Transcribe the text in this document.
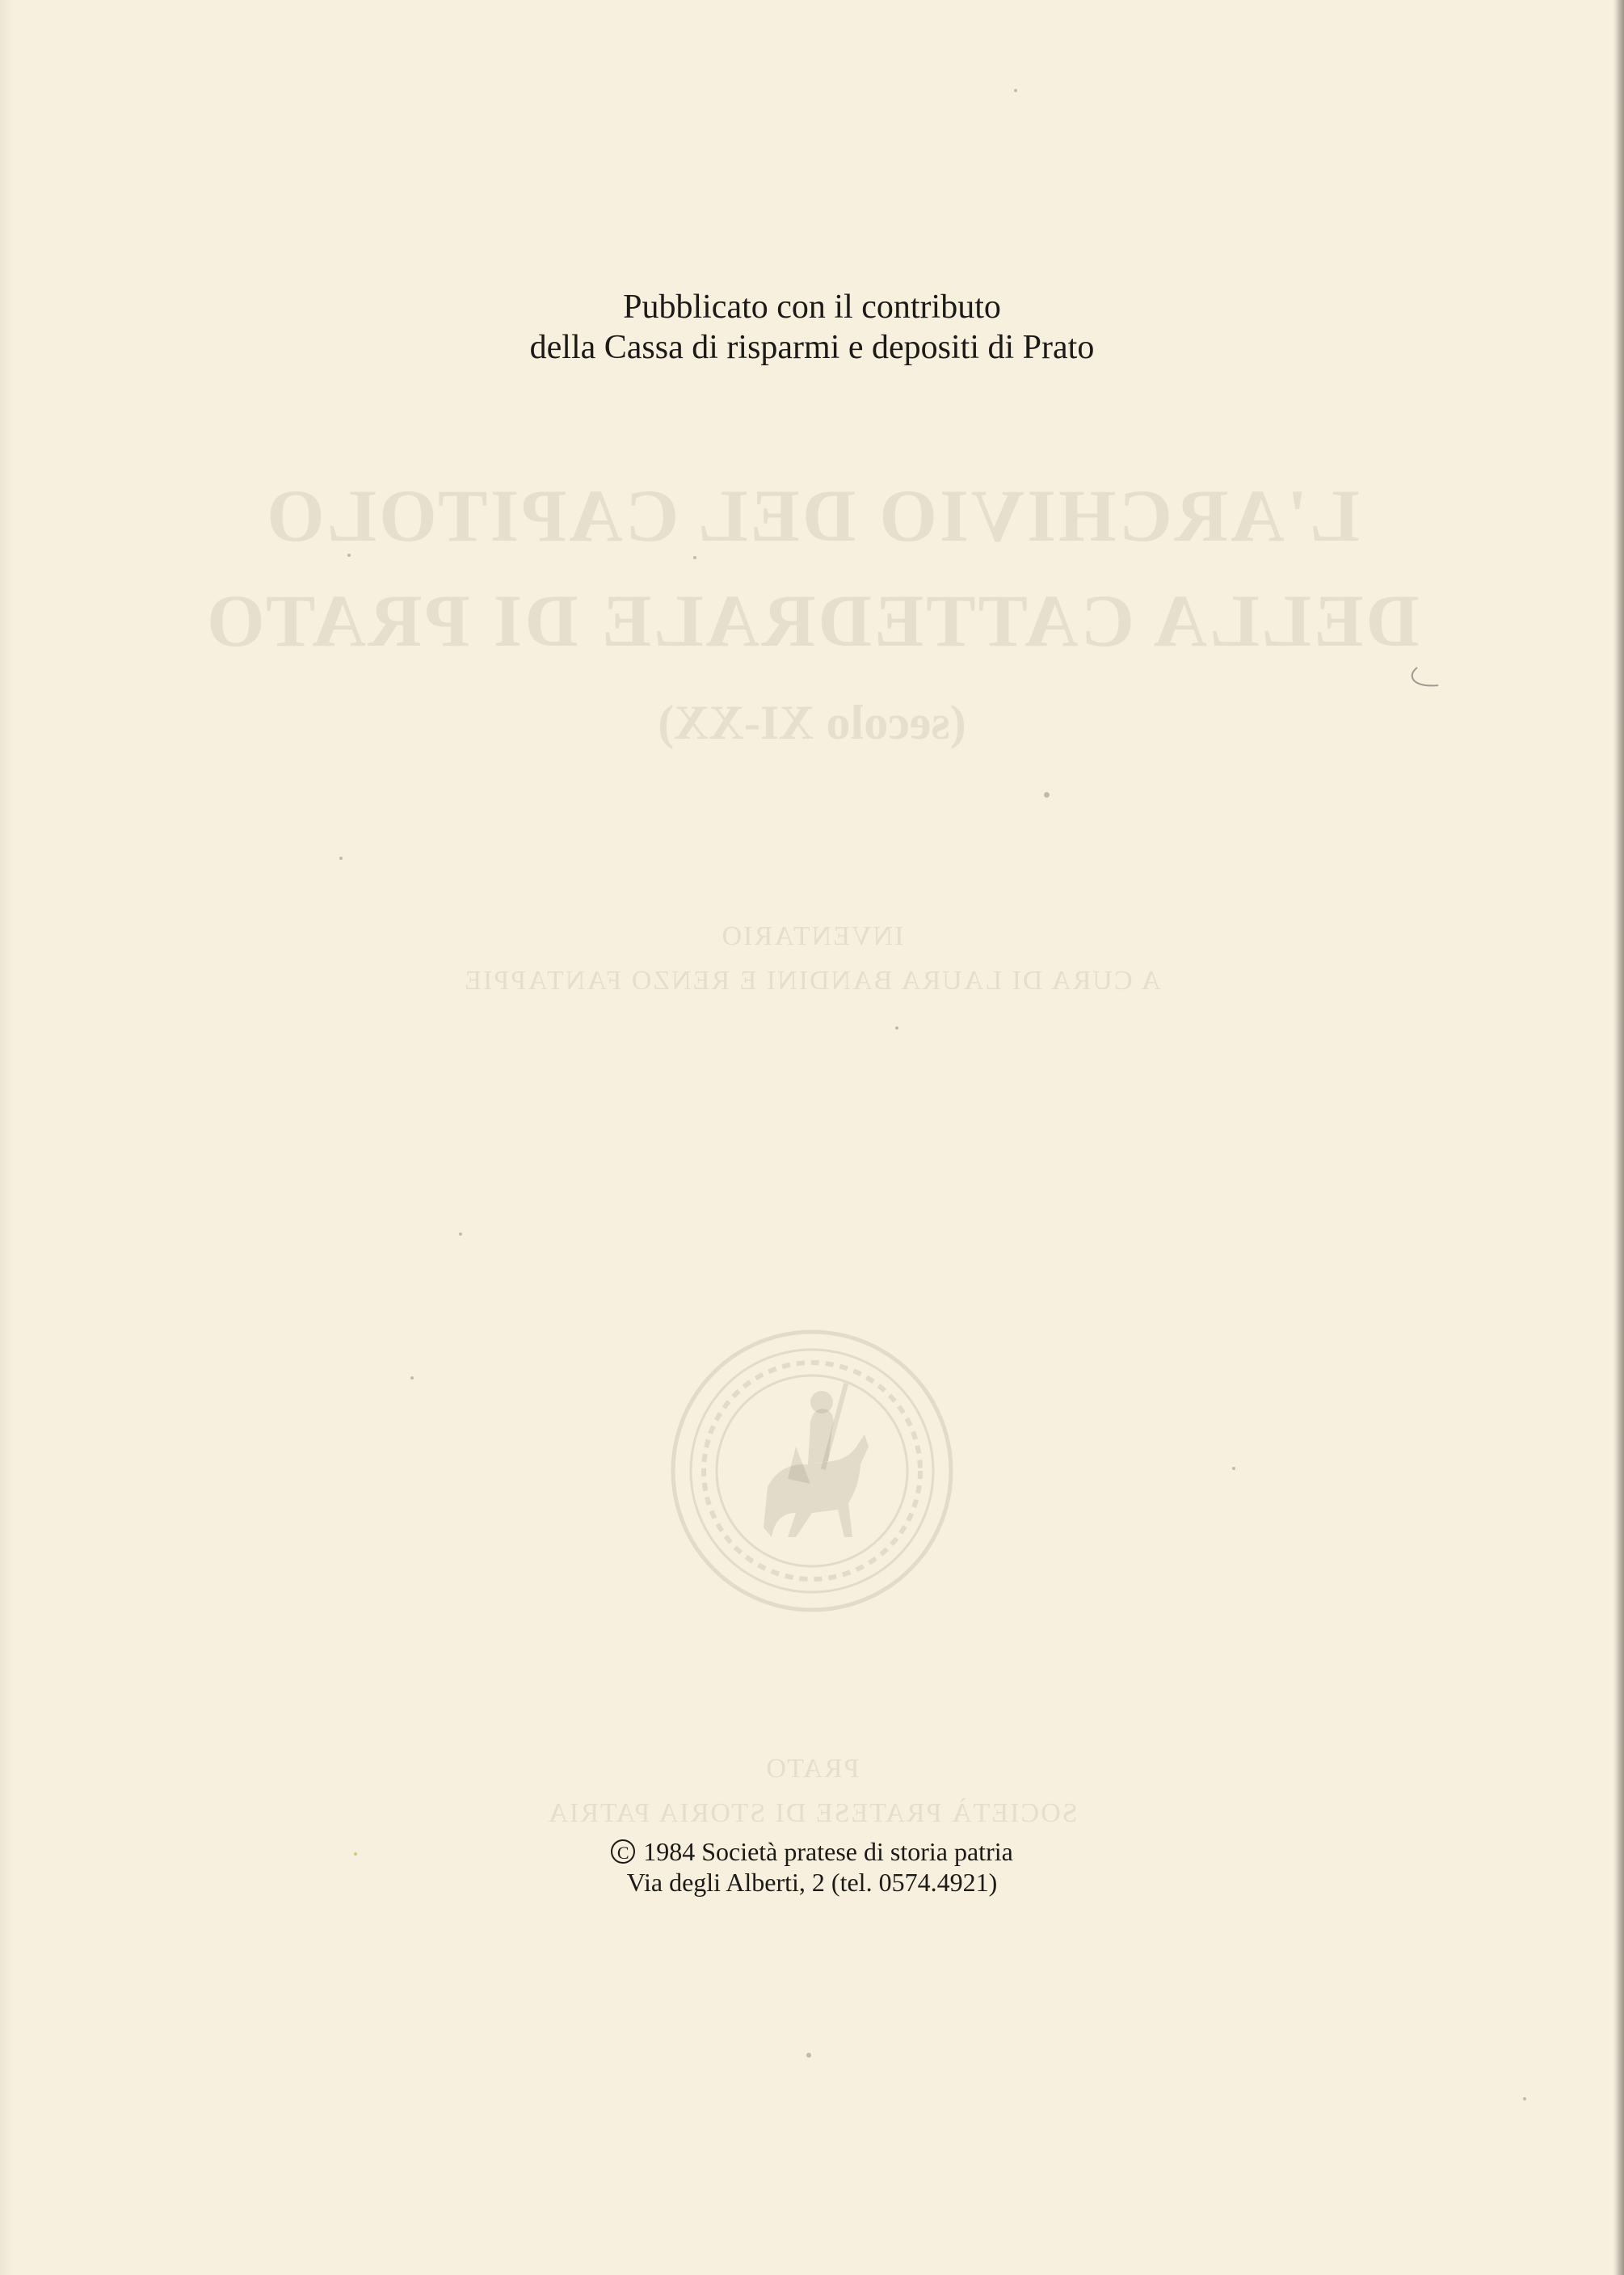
L'ARCHIVIO DEL CAPITOLO
DELLA CATTEDRALE DI PRATO
(secolo XI-XX)
INVENTARIO
A CURA DI LAURA BANDINI E RENZO FANTAPPIE
PRATO
SOCIETÀ PRATESE DI STORIA PATRIA
Pubblicato con il contributo
della Cassa di risparmi e depositi di Prato
C 1984 Società pratese di storia patria
Via degli Alberti, 2 (tel. 0574.4921)
